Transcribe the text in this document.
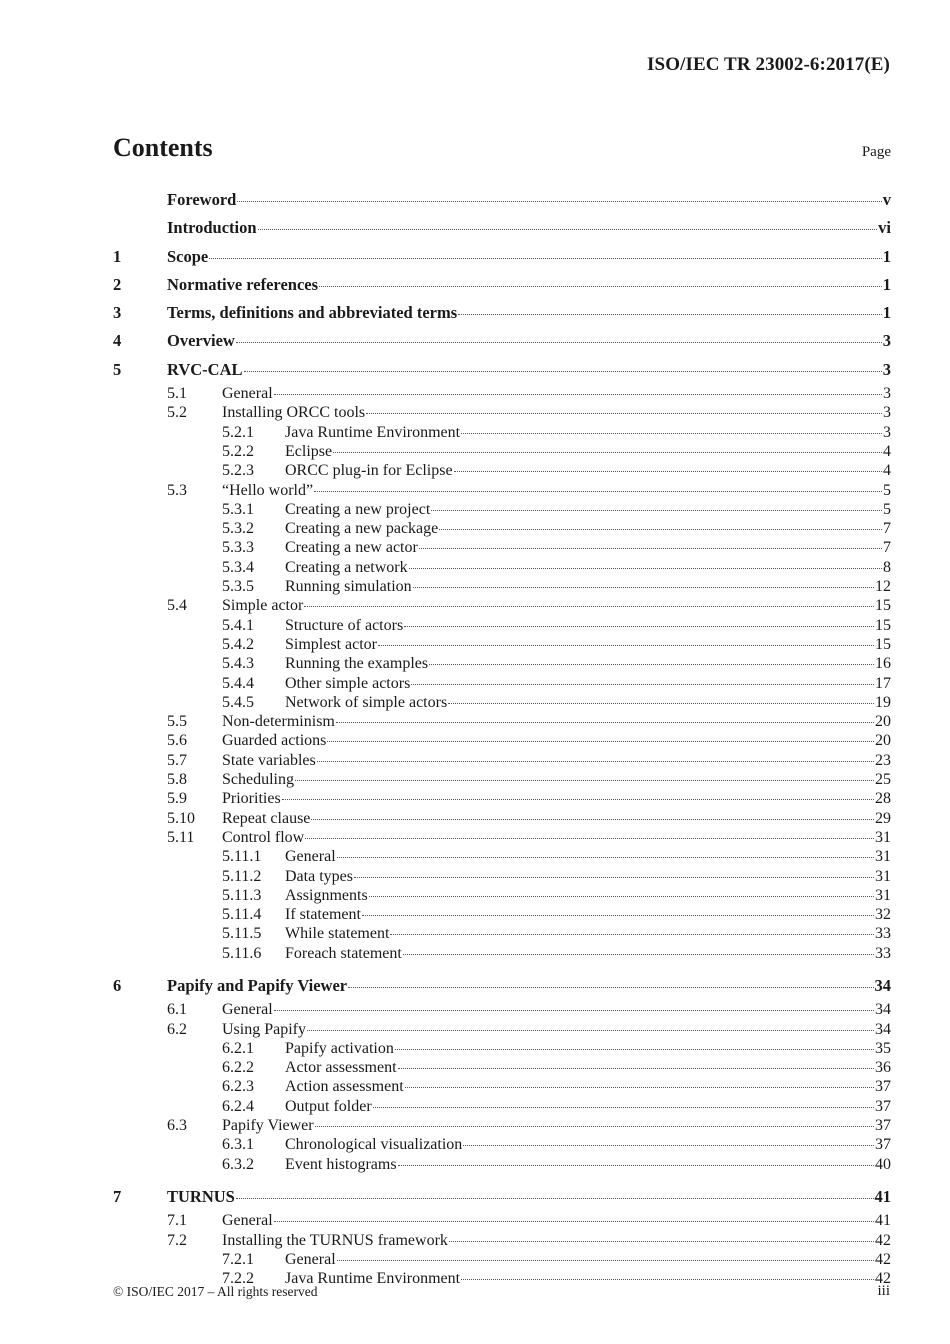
ISO/IEC TR 23002-6:2017(E)
Contents	Page
Foreword	v
Introduction	vi
1	Scope	1
2	Normative references	1
3	Terms, definitions and abbreviated terms	1
4	Overview	3
5	RVC-CAL	3
5.1	General	3
5.2	Installing ORCC tools	3
5.2.1	Java Runtime Environment	3
5.2.2	Eclipse	4
5.2.3	ORCC plug-in for Eclipse	4
5.3	“Hello world”	5
5.3.1	Creating a new project	5
5.3.2	Creating a new package	7
5.3.3	Creating a new actor	7
5.3.4	Creating a network	8
5.3.5	Running simulation	12
5.4	Simple actor	15
5.4.1	Structure of actors	15
5.4.2	Simplest actor	15
5.4.3	Running the examples	16
5.4.4	Other simple actors	17
5.4.5	Network of simple actors	19
5.5	Non-determinism	20
5.6	Guarded actions	20
5.7	State variables	23
5.8	Scheduling	25
5.9	Priorities	28
5.10	Repeat clause	29
5.11	Control flow	31
5.11.1	General	31
5.11.2	Data types	31
5.11.3	Assignments	31
5.11.4	If statement	32
5.11.5	While statement	33
5.11.6	Foreach statement	33
6	Papify and Papify Viewer	34
6.1	General	34
6.2	Using Papify	34
6.2.1	Papify activation	35
6.2.2	Actor assessment	36
6.2.3	Action assessment	37
6.2.4	Output folder	37
6.3	Papify Viewer	37
6.3.1	Chronological visualization	37
6.3.2	Event histograms	40
7	TURNUS	41
7.1	General	41
7.2	Installing the TURNUS framework	42
7.2.1	General	42
7.2.2	Java Runtime Environment	42
© ISO/IEC 2017 – All rights reserved	iii
